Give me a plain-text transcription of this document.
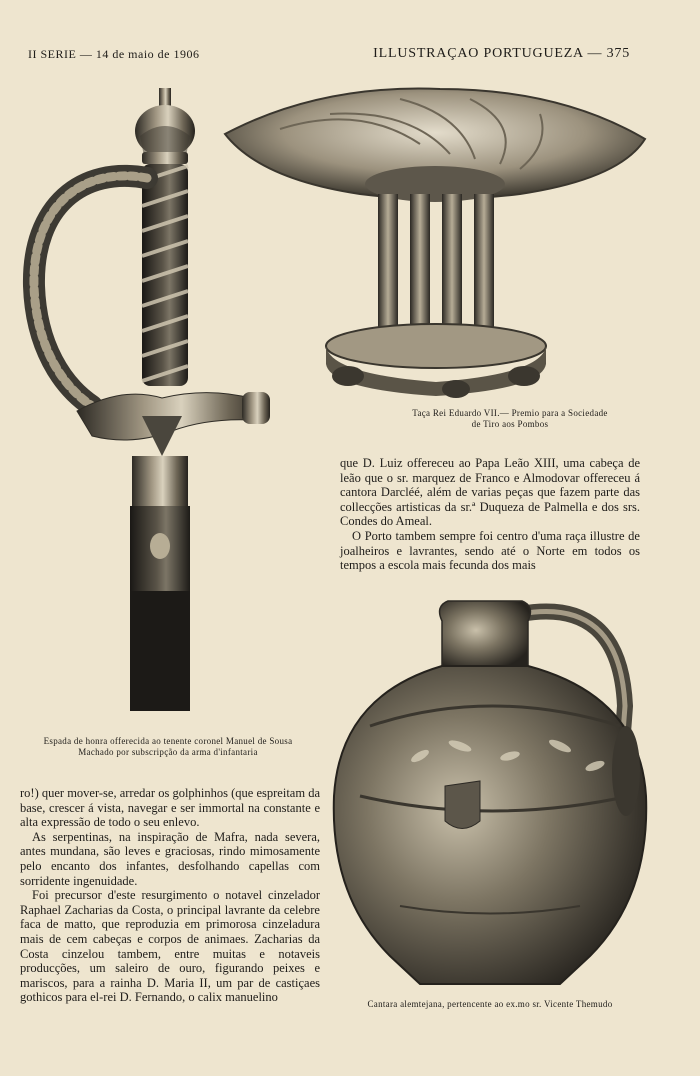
II SERIE — 14 de maio de 1906	ILLUSTRAÇAO PORTUGUEZA — 375
Taça Rei Eduardo VII.— Premio para a Sociedade
de Tiro aos Pombos

que D. Luiz offereceu ao Papa Leão XIII, uma cabeça de leão que o sr. marquez de Franco e Almodovar offereceu á cantora Darcléé, além de varias peças que fazem parte das collecções artisticas da sr.ª Duqueza de Palmella e dos srs. Condes do Ameal.

O Porto tambem sempre foi centro d'uma raça illustre de joalheiros e lavrantes, sendo até o Norte em todos os tempos a escola mais fecunda dos mais

Espada de honra offerecida ao tenente coronel Manuel de Sousa
Machado por subscripção da arma d'infantaria
Cantara alemtejana, pertencente ao ex.mo sr. Vicente Themudo

ro!) quer mover-se, arredar os golphinhos (que espreitam da base, crescer á vista, navegar e ser immortal na constante e alta expressão de todo o seu enlevo.

As serpentinas, na inspiração de Mafra, nada severa, antes mundana, são leves e graciosas, rindo mimosamente pelo encanto dos infantes, desfolhando capellas com sorridente ingenuidade.

Foi precursor d'este resurgimento o notavel cinzelador Raphael Zacharias da Costa, o principal lavrante da celebre faca de matto, que reproduzia em primorosa cinzeladura mais de cem cabeças e corpos de animaes. Zacharias da Costa cinzelou tambem, entre muitas e notaveis producções, um saleiro de ouro, figurando peixes e mariscos, para a rainha D. Maria II, um par de castiçaes gothicos para el-rei D. Fernando, o calix manuelino
